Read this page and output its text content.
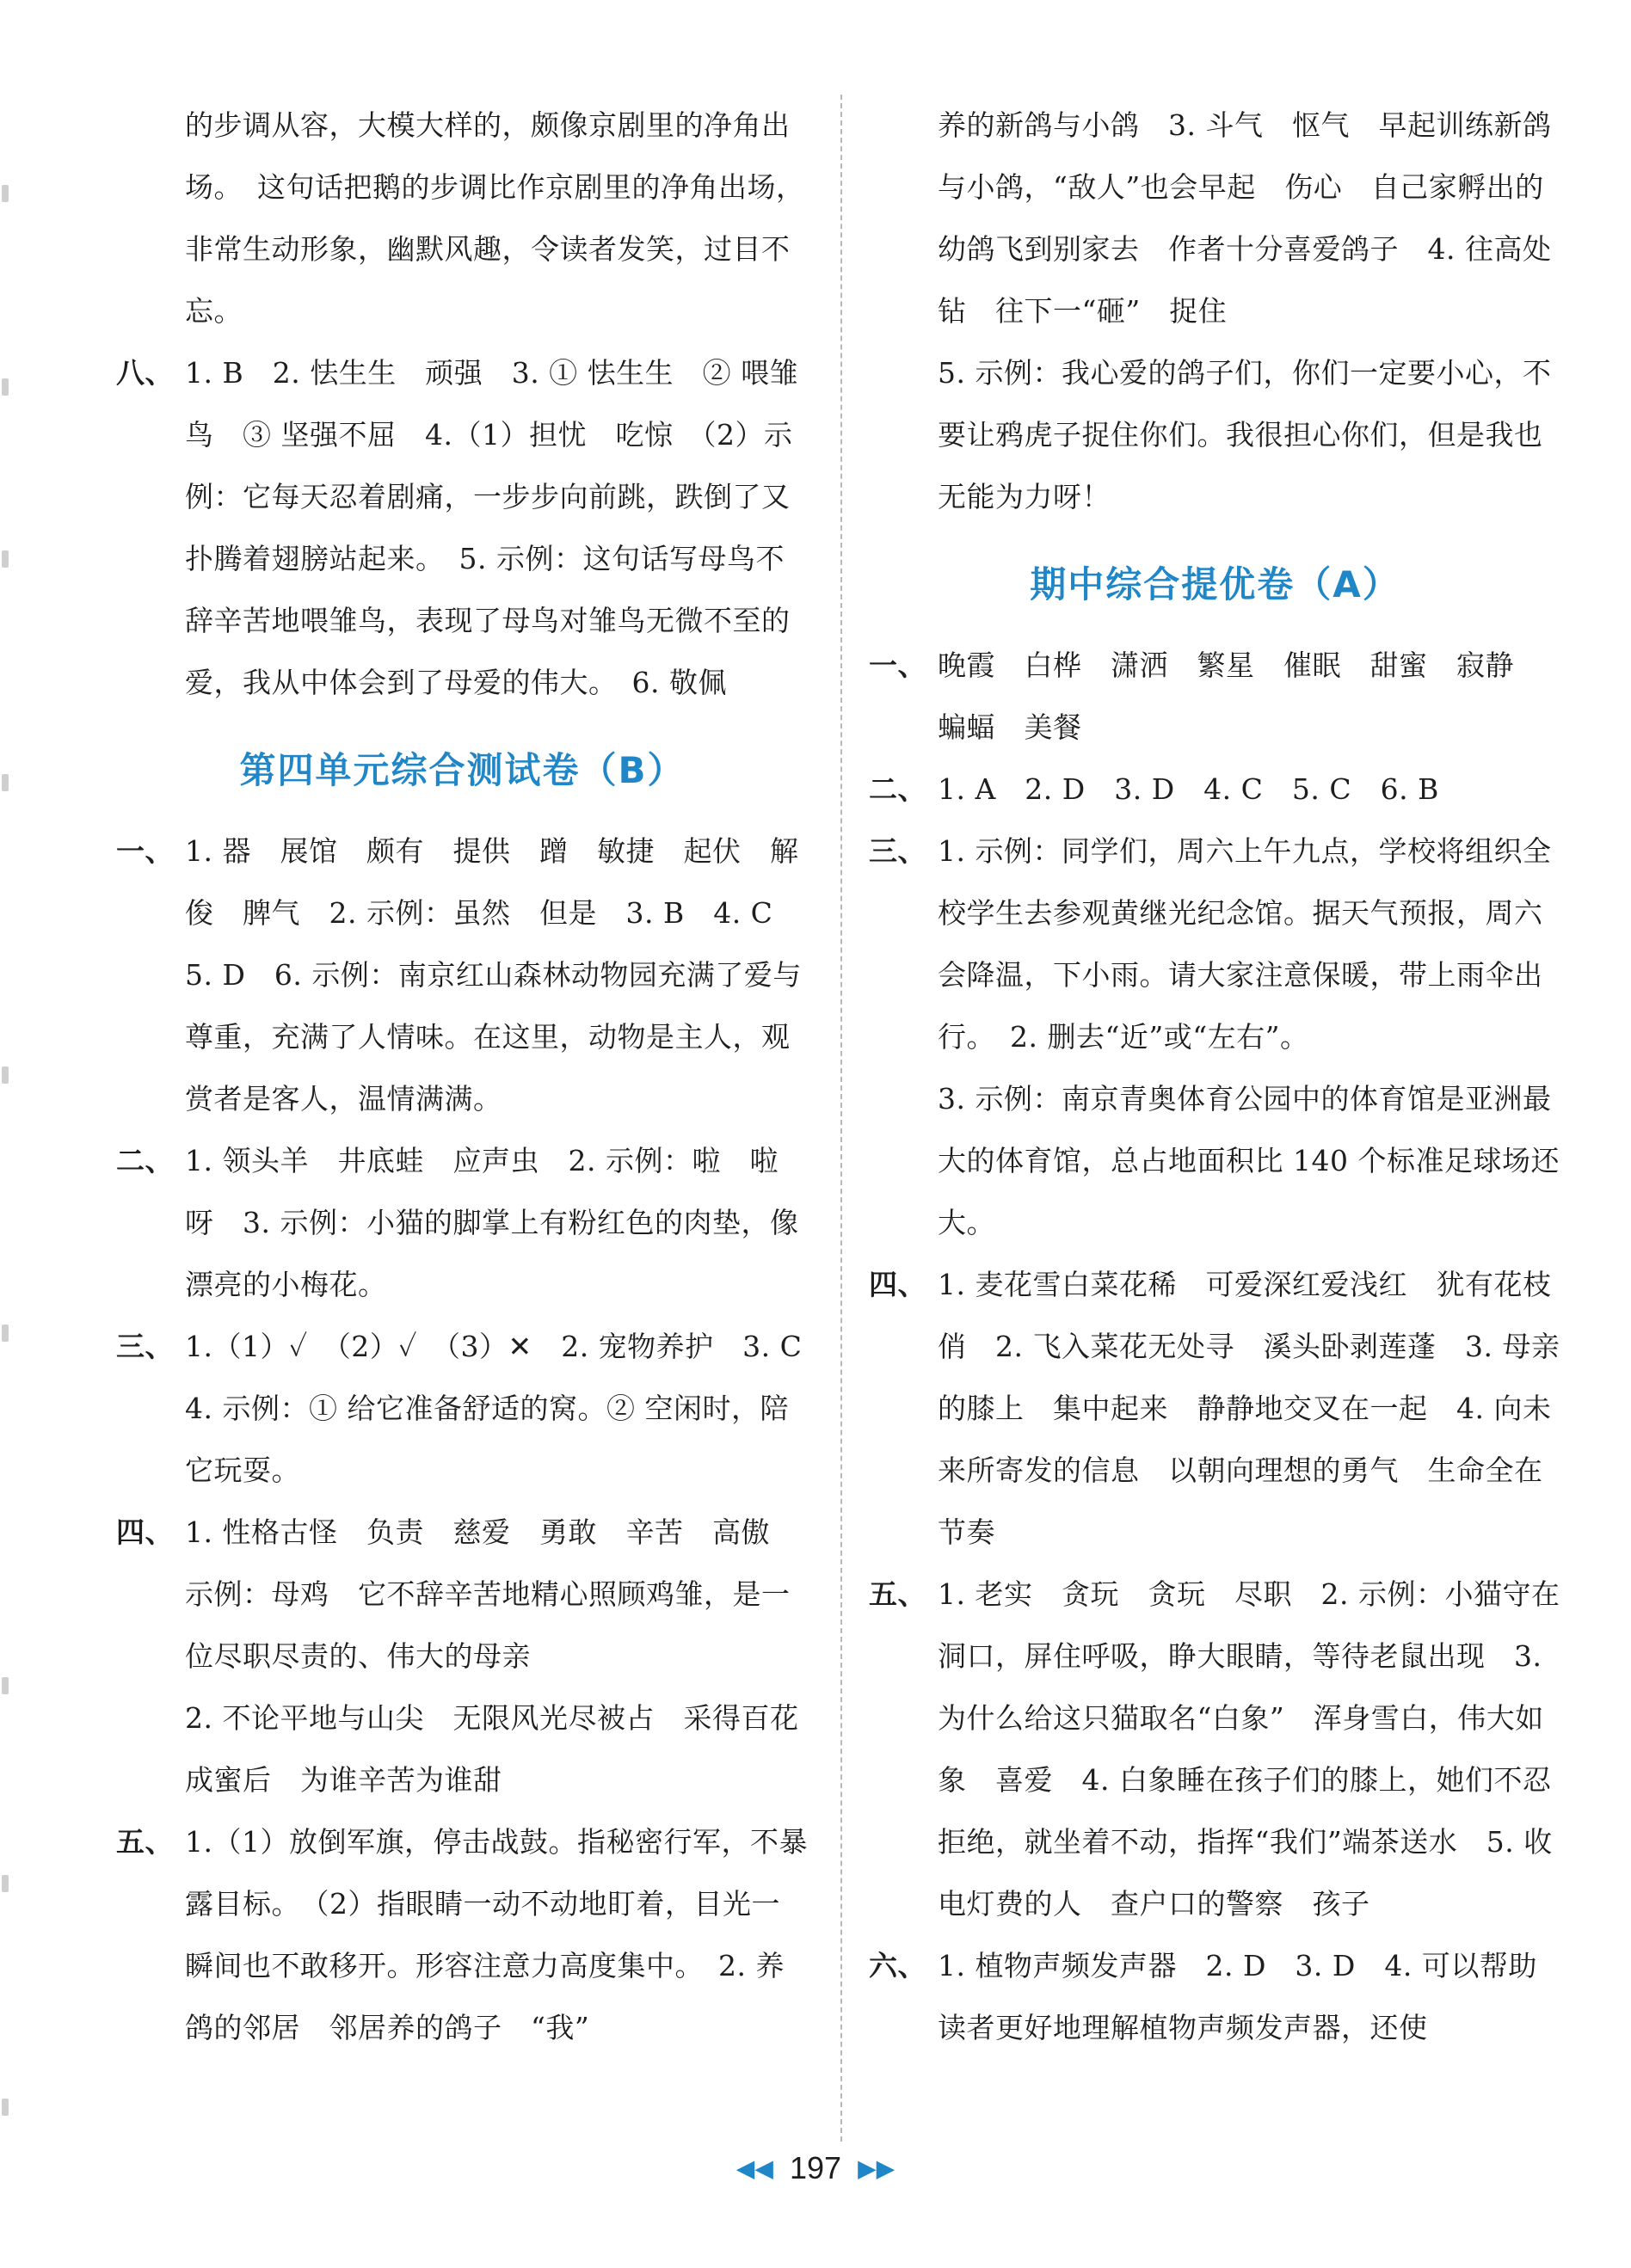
的步调从容，大模大样的，颇像京剧里的净角出场。　这句话把鹅的步调比作京剧里的净角出场，非常生动形象，幽默风趣，令读者发笑，过目不忘。
八、 1. B　2. 怯生生　顽强　3. ① 怯生生　② 喂雏鸟　③ 坚强不屈　4.（1）担忧　吃惊　（2）示例：它每天忍着剧痛，一步步向前跳，跌倒了又扑腾着翅膀站起来。　5. 示例：这句话写母鸟不辞辛苦地喂雏鸟，表现了母鸟对雏鸟无微不至的爱，我从中体会到了母爱的伟大。　6. 敬佩
第四单元综合测试卷（B）
一、 1. 器　展馆　颇有　提供　蹭　敏捷　起伏　解　俊　脾气　2. 示例：虽然　但是　3. B　4. C　5. D　6. 示例：南京红山森林动物园充满了爱与尊重，充满了人情味。在这里，动物是主人，观赏者是客人，温情满满。
二、 1. 领头羊　井底蛙　应声虫　2. 示例：啦　啦　呀　3. 示例：小猫的脚掌上有粉红色的肉垫，像漂亮的小梅花。
三、 1.（1）✓　（2）✓　（3）✕　2. 宠物养护　3. C　4. 示例：① 给它准备舒适的窝。② 空闲时，陪它玩耍。
四、 1. 性格古怪　负责　慈爱　勇敢　辛苦　高傲　示例：母鸡　它不辞辛苦地精心照顾鸡雏，是一位尽职尽责的、伟大的母亲
2. 不论平地与山尖　无限风光尽被占　采得百花成蜜后　为谁辛苦为谁甜
五、 1.（1）放倒军旗，停击战鼓。指秘密行军，不暴露目标。　（2）指眼睛一动不动地盯着，目光一瞬间也不敢移开。形容注意力高度集中。　2. 养鸽的邻居　邻居养的鸽子　“我”
养的新鸽与小鸽　3. 斗气　怄气　早起训练新鸽与小鸽，“敌人”也会早起　伤心　自己家孵出的幼鸽飞到别家去　作者十分喜爱鸽子　4. 往高处钻　往下一“砸”　捉住
5. 示例：我心爱的鸽子们，你们一定要小心，不要让鸦虎子捉住你们。我很担心你们，但是我也无能为力呀！
期中综合提优卷（A）
一、 晚霞　白桦　潇洒　繁星　催眠　甜蜜　寂静　蝙蝠　美餐
二、 1. A　2. D　3. D　4. C　5. C　6. B
三、 1. 示例：同学们，周六上午九点，学校将组织全校学生去参观黄继光纪念馆。据天气预报，周六会降温，下小雨。请大家注意保暖，带上雨伞出行。　2. 删去“近”或“左右”。
3. 示例：南京青奥体育公园中的体育馆是亚洲最大的体育馆，总占地面积比 140 个标准足球场还大。
四、 1. 麦花雪白菜花稀　可爱深红爱浅红　犹有花枝俏　2. 飞入菜花无处寻　溪头卧剥莲蓬　3. 母亲的膝上　集中起来　静静地交叉在一起　4. 向未来所寄发的信息　以朝向理想的勇气　生命全在节奏
五、 1. 老实　贪玩　贪玩　尽职　2. 示例：小猫守在洞口，屏住呼吸，睁大眼睛，等待老鼠出现　3. 为什么给这只猫取名“白象”　浑身雪白，伟大如象　喜爱　4. 白象睡在孩子们的膝上，她们不忍拒绝，就坐着不动，指挥“我们”端茶送水　5. 收电灯费的人　查户口的警察　孩子
六、 1. 植物声频发声器　2. D　3. D　4. 可以帮助读者更好地理解植物声频发声器，还使
◀◀ 197 ▶▶
